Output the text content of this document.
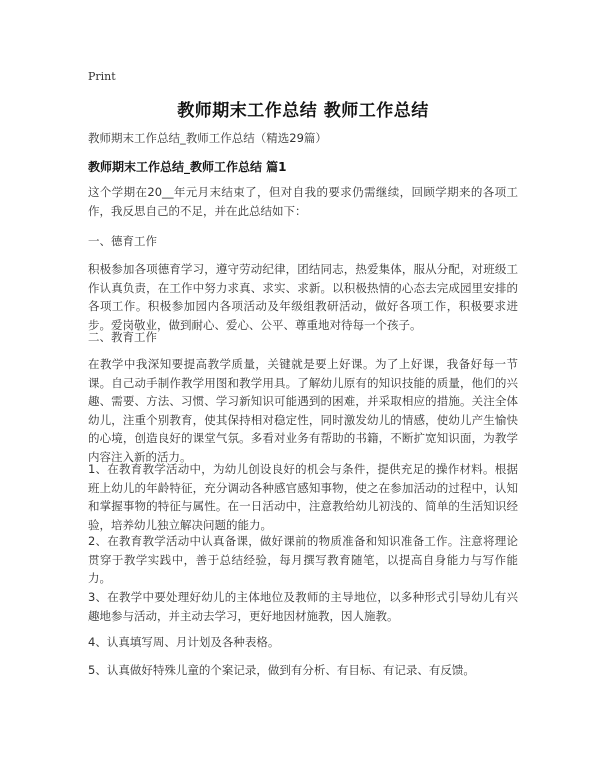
Print
教师期末工作总结 教师工作总结
教师期末工作总结_教师工作总结（精选29篇）
教师期末工作总结_教师工作总结 篇1
这个学期在20__年元月末结束了，但对自我的要求仍需继续，回顾学期来的各项工作，我反思自己的不足，并在此总结如下：
一、德育工作
积极参加各项德育学习，遵守劳动纪律，团结同志，热爱集体，服从分配，对班级工作认真负责，在工作中努力求真、求实、求新。以积极热情的心态去完成园里安排的各项工作。积极参加园内各项活动及年级组教研活动，做好各项工作，积极要求进步。爱岗敬业，做到耐心、爱心、公平、尊重地对待每一个孩子。
二、教育工作
在教学中我深知要提高教学质量，关键就是要上好课。为了上好课，我备好每一节课。自己动手制作教学用图和教学用具。了解幼儿原有的知识技能的质量，他们的兴趣、需要、方法、习惯、学习新知识可能遇到的困难，并采取相应的措施。关注全体幼儿，注重个别教育，使其保持相对稳定性，同时激发幼儿的情感，使幼儿产生愉快的心境，创造良好的课堂气氛。多看对业务有帮助的书籍，不断扩宽知识面，为教学内容注入新的活力。
1、在教育教学活动中，为幼儿创设良好的机会与条件，提供充足的操作材料。根据班上幼儿的年龄特征，充分调动各种感官感知事物，使之在参加活动的过程中，认知和掌握事物的特征与属性。在一日活动中，注意教给幼儿初浅的、简单的生活知识经验，培养幼儿独立解决问题的能力。
2、在教育教学活动中认真备课，做好课前的物质准备和知识准备工作。注意将理论贯穿于教学实践中，善于总结经验，每月撰写教育随笔，以提高自身能力与写作能力。
3、在教学中要处理好幼儿的主体地位及教师的主导地位，以多种形式引导幼儿有兴趣地参与活动，并主动去学习，更好地因材施教，因人施教。
4、认真填写周、月计划及各种表格。
5、认真做好特殊儿童的个案记录，做到有分析、有目标、有记录、有反馈。
